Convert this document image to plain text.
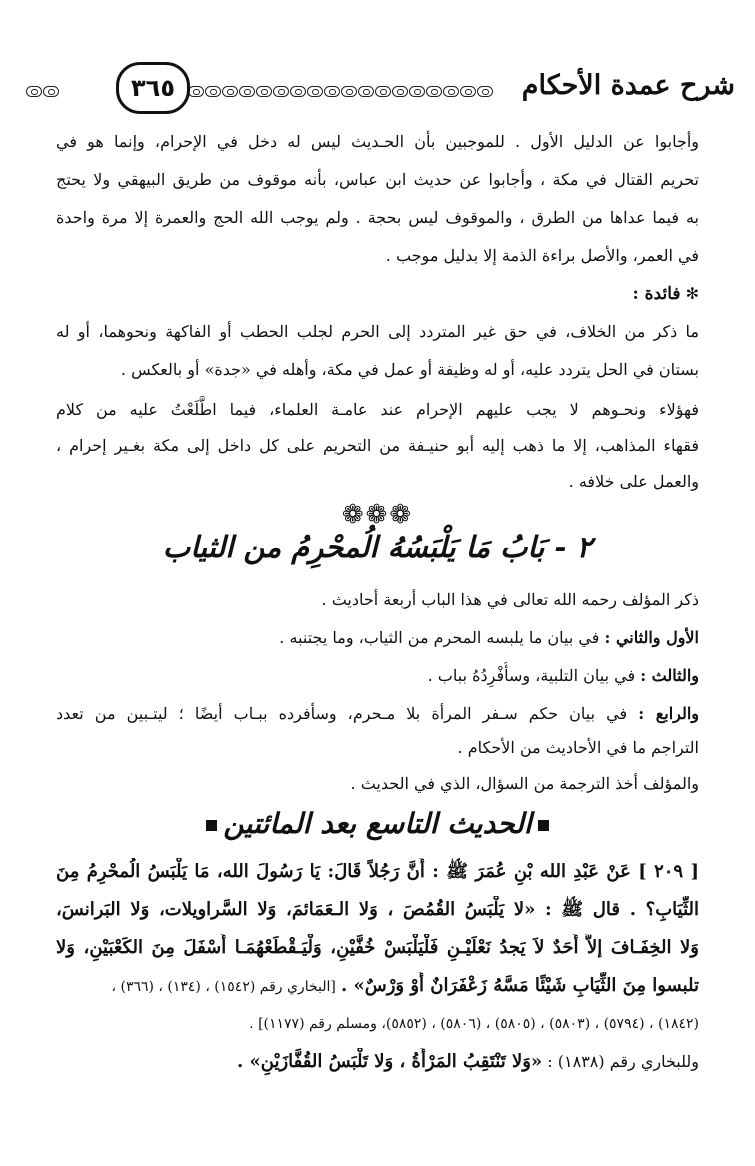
شرح عمدة الأحكام
٣٦٥
وأجابوا عن الدليل الأول . للموجبين بأن الحـديث ليس له دخل في الإحرام، وإنما هو في
تحريم القتال في مكة ، وأجابوا عن حديث ابن عباس، بأنه موقوف من طريق البيهقي ولا يحتج
به فيما عداها من الطرق ، والموقوف ليس بحجة . ولم يوجب الله الحج والعمرة إلا مرة واحدة
في العمر، والأصل براءة الذمة إلا بدليل موجب .
✻ فائدة :
ما ذكر من الخلاف، في حق غير المتردد إلى الحرم لجلب الحطب أو الفاكهة ونحوهما، أو له
بستان في الحل يتردد عليه، أو له وظيفة أو عمل في مكة، وأهله في «جدة» أو بالعكس .
فهؤلاء ونحـوهم لا يجب عليهم الإحرام عند عامـة العلماء، فيما اطَّلَعْتُ عليه من كلام
فقهاء المذاهب، إلا ما ذهب إليه أبو حنيـفة من التحريم على كل داخل إلى مكة بغـير إحرام ،
والعمل على خلافه .
❁❁❁
٢ - بَابُ مَا يَلْبَسُهُ الُمحْرِمُ من الثياب
ذكر المؤلف رحمه الله تعالى في هذا الباب أربعة أحاديث .
الأول والثاني : في بيان ما يلبسه المحرم من الثياب، وما يجتنبه .
والثالث : في بيان التلبية، وسأُفْرِدُهُ بباب .
والرابع : في بيان حكم سـفر المرأة بلا مـحرم، وسأفرده ببـاب أيضًا ؛ ليتـبين من تعدد
التراجم ما في الأحاديث من الأحكام .
والمؤلف أخذ الترجمة من السؤال، الذي في الحديث .
الحديث التاسع بعد المائتين
[ ٢٠٩ ] عَنْ عَبْدِ الله بْنِ عُمَرَ ﷺ : أَنَّ رَجُلاً قَالَ: يَا رَسُولَ الله، مَا يَلْبَسُ الُمحْرِمُ مِنَ
الثِّيَابِ؟ . قال ﷺ : «لا يَلْبَسُ القُمُصَ ، وَلا الـعَمَائمَ، وَلا السَّراويلات، وَلا البَرانسَ،
وَلا الخِفَـافَ إلاَّ أَحَدٌ لاَ يَجدُ نَعْلَيْـنِ فَلْيَلْبَسْ خُفَّيْنِ، وَلْيَـقْطَعْهُمَـا أَسْفَلَ مِنَ الكَعْبَيْنِ، وَلا
تلبسوا مِنَ الثِّيَابِ شَيْئًا مَسَّهُ زَعْفَرَانٌ أَوْ وَرْسٌ» . [البخاري رقم (١٥٤٢) ، (١٣٤) ، (٣٦٦) ،
(١٨٤٢) ، (٥٧٩٤) ، (٥٨٠٣) ، (٥٨٠٥) ، (٥٨٠٦) ، (٥٨٥٢)، ومسلم رقم (١١٧٧)] .
وللبخاري رقم (١٨٣٨) : «وَلا تَنْتَقِبُ المَرْأَةُ ، وَلا تَلْبَسُ القُفَّازَيْنِ» .
